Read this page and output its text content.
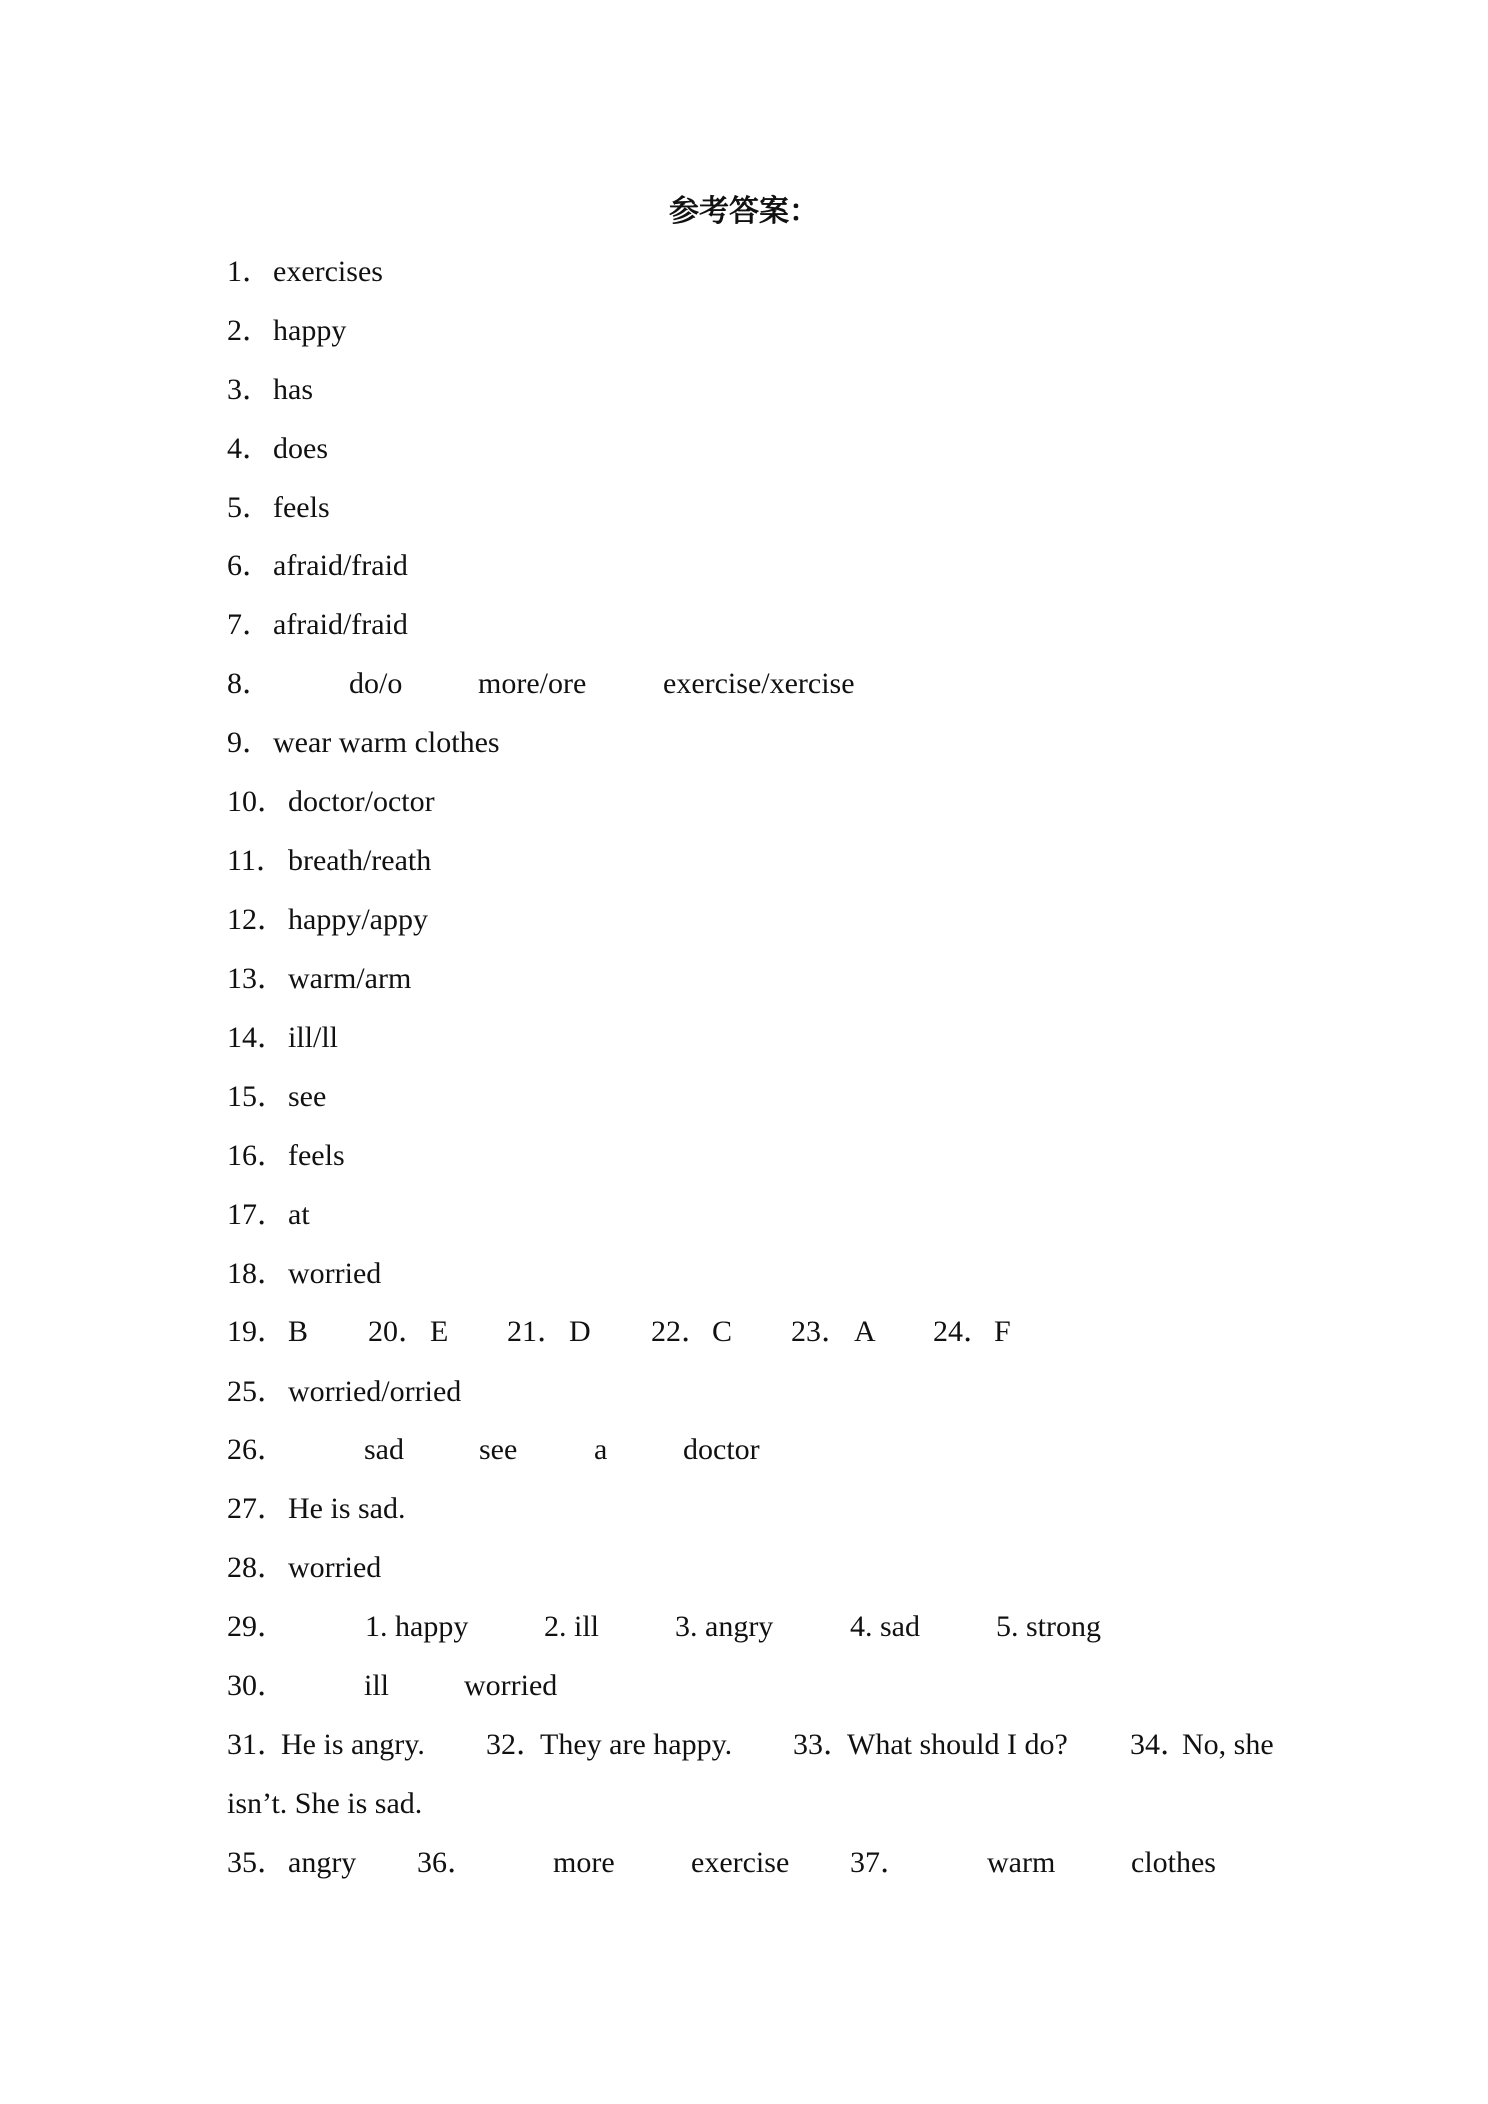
参考答案：
1． exercises
2． happy
3． has
4． does
5． feels
6． afraid/fraid
7． afraid/fraid
8．	do/o	more/ore	exercise/xercise
9． wear warm clothes
10． doctor/octor
11． breath/reath
12． happy/appy
13． warm/arm
14． ill/ll
15． see
16． feels
17． at
18． worried
19． B 20． E 21． D 22． C 23． A 24． F
25． worried/orried
26．	sad	see	a	doctor
27． He is sad.
28． worried
29．	1. happy	2. ill	3. angry	4. sad	5. strong
30．	ill worried
31．
He is angry. 32．
They are happy. 33．
What should I do? 34．
No, she
isn’t. She is sad.
35． angry 36．	more	exercise 37．	warm	clothes
